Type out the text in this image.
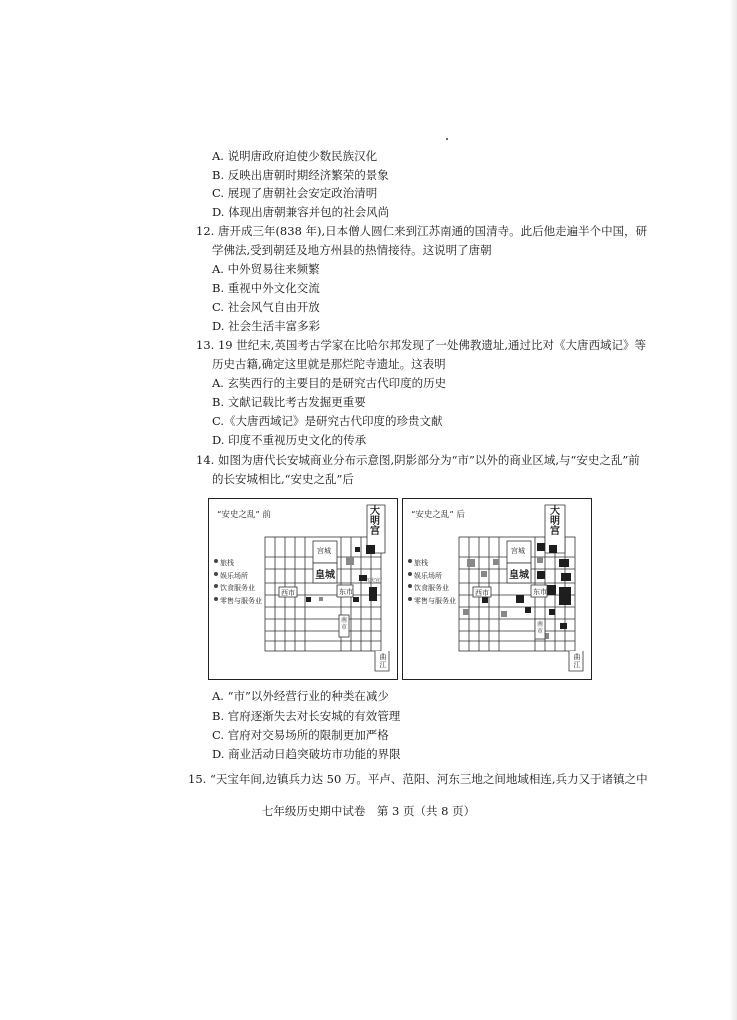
A. 说明唐政府迫使少数民族汉化
B. 反映出唐朝时期经济繁荣的景象
C. 展现了唐朝社会安定政治清明
D. 体现出唐朝兼容并包的社会风尚
12. 唐开成三年(838 年),日本僧人圆仁来到江苏南通的国清寺。此后他走遍半个中国，研
学佛法,受到朝廷及地方州县的热情接待。这说明了唐朝
A. 中外贸易往来频繁
B. 重视中外文化交流
C. 社会风气自由开放
D. 社会生活丰富多彩
13. 19 世纪末,英国考古学家在比哈尔邦发现了一处佛教遗址,通过比对《大唐西域记》等
历史古籍,确定这里就是那烂陀寺遗址。这表明
A. 玄奘西行的主要目的是研究古代印度的历史
B. 文献记载比考古发掘更重要
C.《大唐西域记》是研究古代印度的珍贵文献
D. 印度不重视历史文化的传承
14. 如图为唐代长安城商业分布示意图,阴影部分为“市”以外的商业区域,与“安史之乱”前
的长安城相比,“安史之乱”后
“安史之乱” 前	大明宫
宫城
皇城
西市	东市
兴庆宫
南市
曲江
旅栈
娱乐场所
饮食服务业
零售与服务业
“安史之乱” 后	大明宫
宫城
皇城
西市	东市
南市
曲江
旅栈
娱乐场所
饮食服务业
零售与服务业
A. “市”以外经营行业的种类在减少
B. 官府逐渐失去对长安城的有效管理
C. 官府对交易场所的限制更加严格
D. 商业活动日趋突破坊市功能的界限
15. “天宝年间,边镇兵力达 50 万。平卢、范阳、河东三地之间地域相连,兵力又于诸镇之中
七年级历史期中试卷　第 3 页（共 8 页）
